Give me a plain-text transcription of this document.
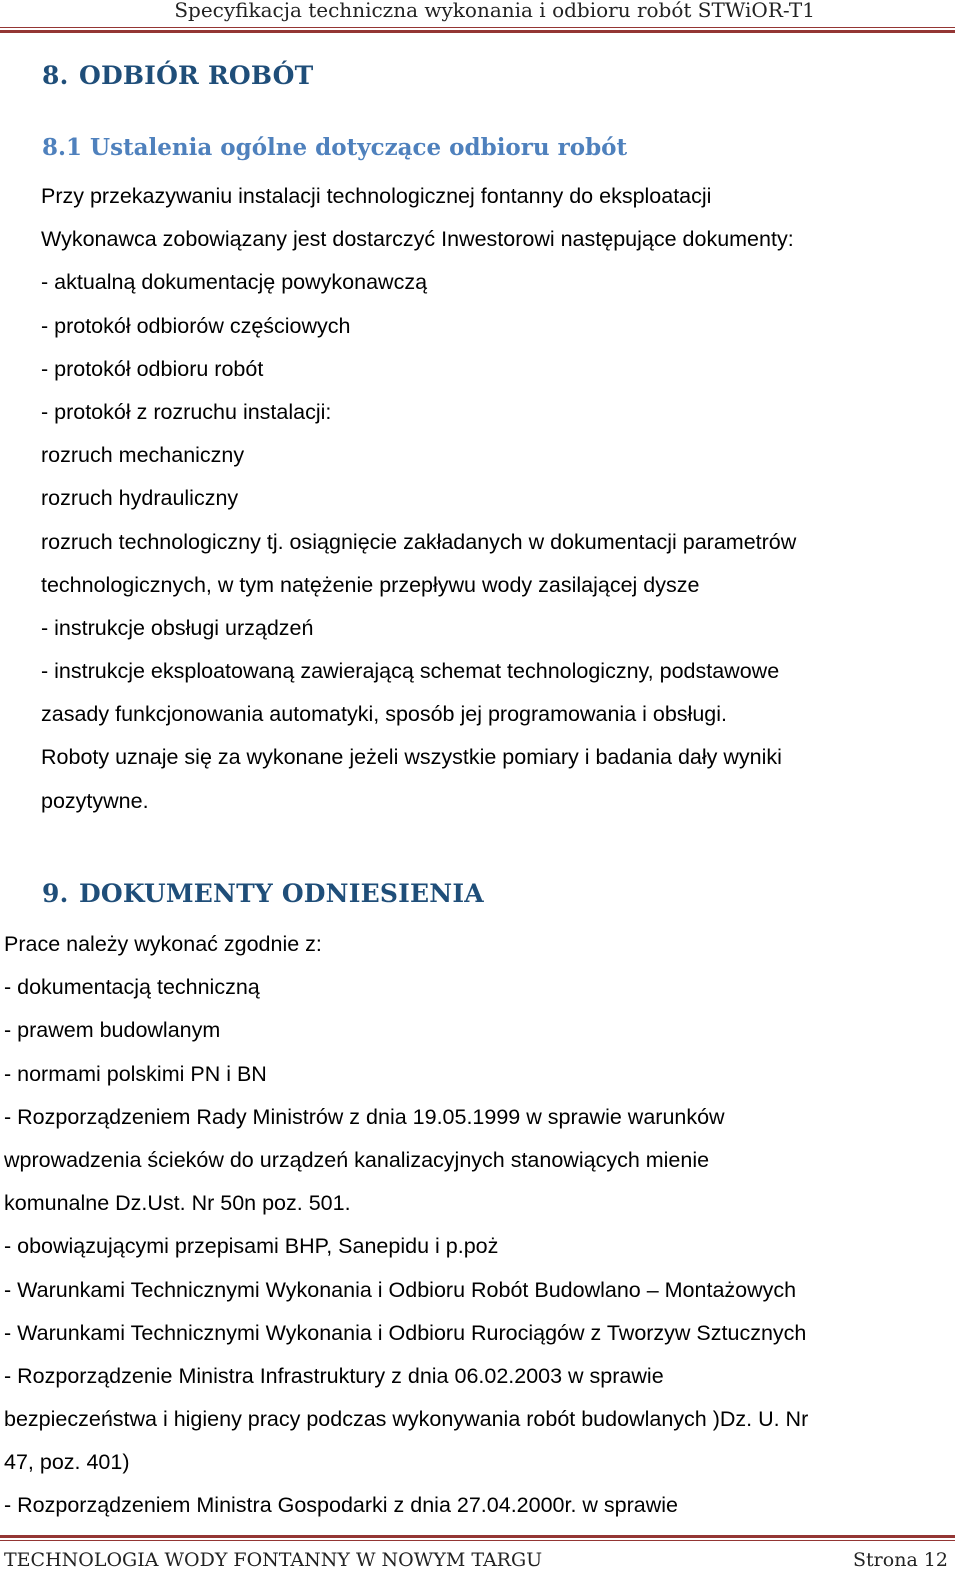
Specyfikacja techniczna wykonania i odbioru robót STWiOR-T1
8. ODBIÓR ROBÓT
8.1 Ustalenia ogólne dotyczące odbioru robót
Przy przekazywaniu instalacji technologicznej fontanny do eksploatacji
Wykonawca zobowiązany jest dostarczyć Inwestorowi następujące dokumenty:
- aktualną dokumentację powykonawczą
- protokół odbiorów częściowych
- protokół odbioru robót
- protokół z rozruchu instalacji:
rozruch mechaniczny
rozruch hydrauliczny
rozruch technologiczny tj. osiągnięcie zakładanych w dokumentacji parametrów
technologicznych, w tym natężenie przepływu wody zasilającej dysze
- instrukcje obsługi urządzeń
- instrukcje eksploatowaną zawierającą schemat technologiczny, podstawowe
zasady funkcjonowania automatyki, sposób jej programowania i obsługi.
Roboty uznaje się za wykonane jeżeli wszystkie pomiary i badania dały wyniki
pozytywne.
9. DOKUMENTY ODNIESIENIA
Prace należy wykonać zgodnie z:
- dokumentacją techniczną
- prawem budowlanym
- normami polskimi PN i BN
- Rozporządzeniem Rady Ministrów z dnia 19.05.1999 w sprawie warunków
wprowadzenia ścieków do urządzeń kanalizacyjnych stanowiących mienie
komunalne Dz.Ust. Nr 50n poz. 501.
- obowiązującymi przepisami BHP, Sanepidu i p.poż
- Warunkami Technicznymi Wykonania i Odbioru Robót Budowlano – Montażowych
- Warunkami Technicznymi Wykonania i Odbioru Rurociągów z Tworzyw Sztucznych
- Rozporządzenie Ministra Infrastruktury z dnia 06.02.2003 w sprawie
bezpieczeństwa i higieny pracy podczas wykonywania robót budowlanych )Dz. U. Nr
47, poz. 401)
- Rozporządzeniem Ministra Gospodarki z dnia 27.04.2000r. w sprawie
TECHNOLOGIA WODY FONTANNY W NOWYM TARGU	Strona 12
